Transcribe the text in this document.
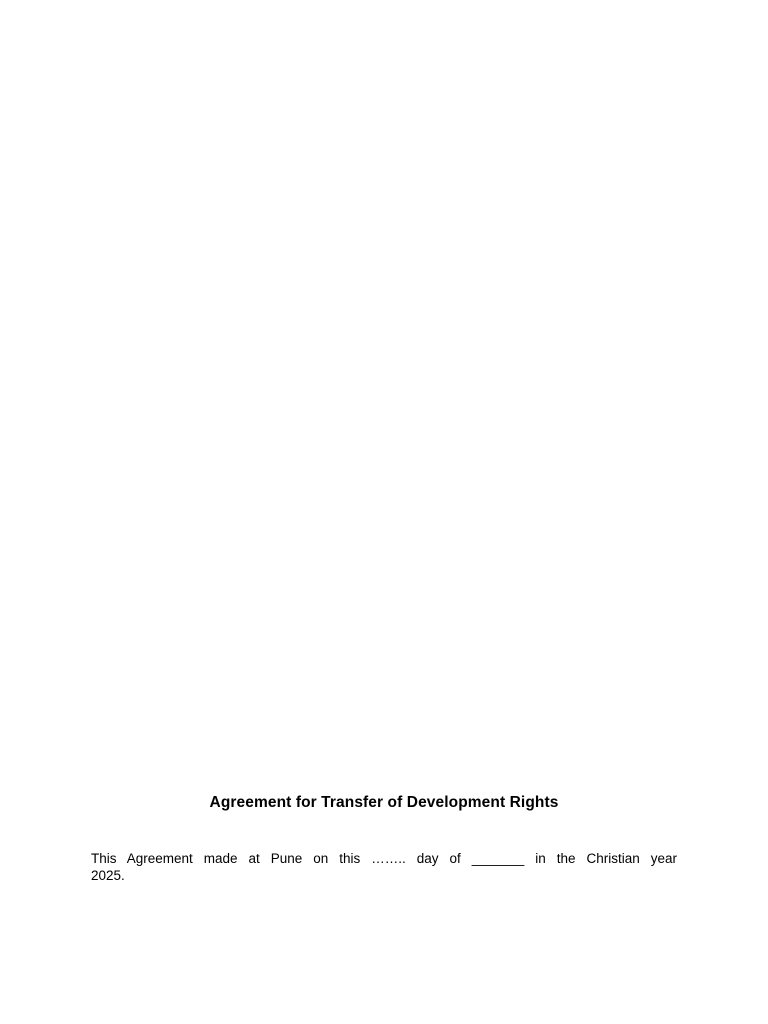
Agreement for Transfer of Development Rights

This Agreement made at Pune on this …….. day of _______ in the Christian year
2025.
